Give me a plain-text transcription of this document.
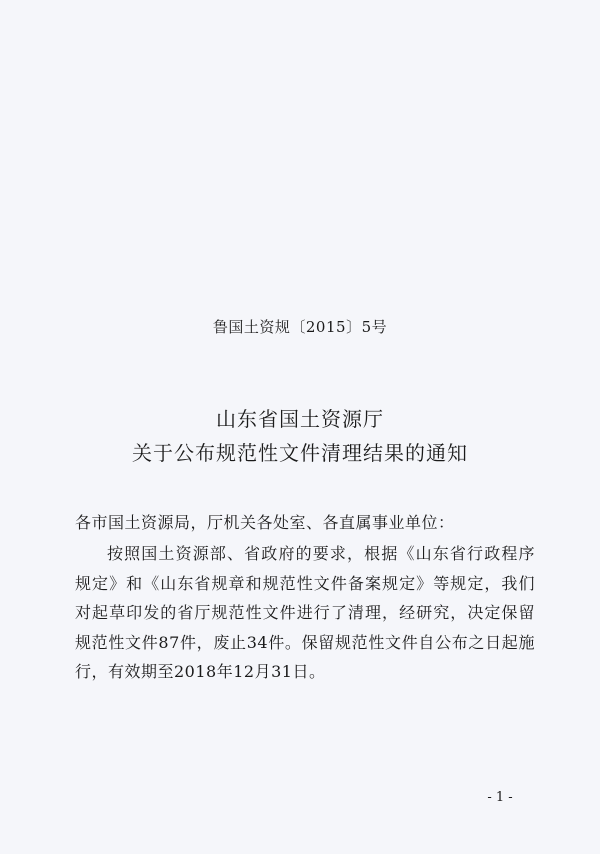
鲁国土资规〔2015〕5号
山东省国土资源厅
关于公布规范性文件清理结果的通知
各市国土资源局，厅机关各处室、各直属事业单位：

按照国土资源部、省政府的要求，根据《山东省行政程序规定》和《山东省规章和规范性文件备案规定》等规定，我们对起草印发的省厅规范性文件进行了清理，经研究，决定保留规范性文件87件，废止34件。保留规范性文件自公布之日起施行，有效期至2018年12月31日。

- 1 -
